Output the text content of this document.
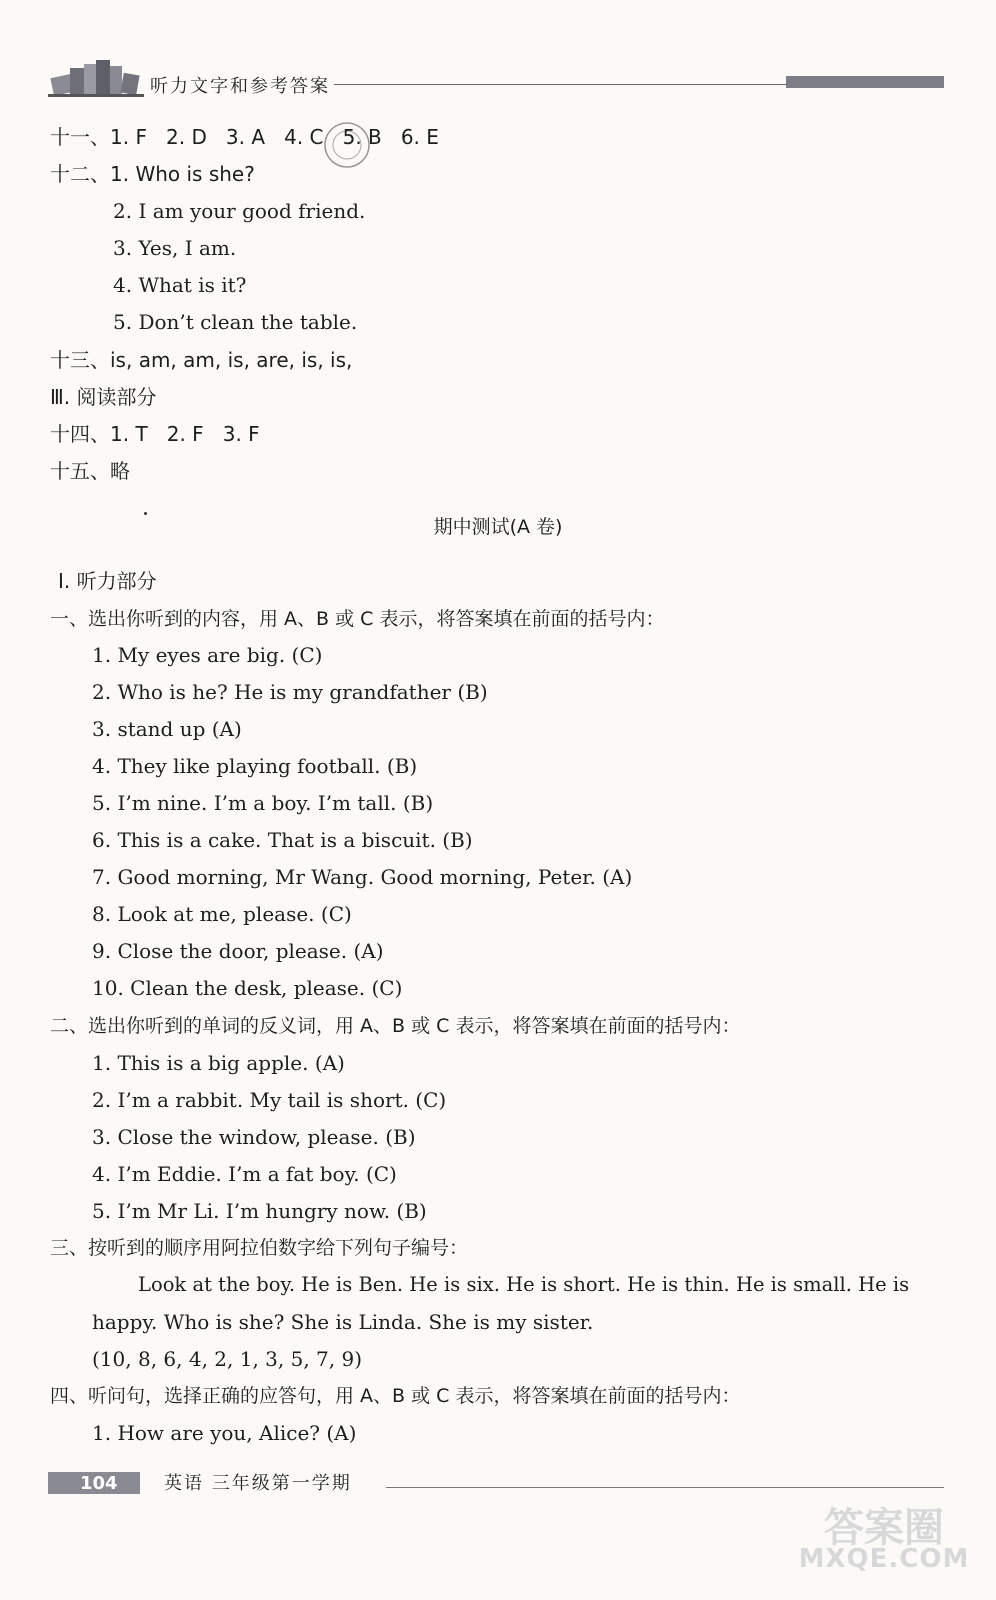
听力文字和参考答案
十一、1. F   2. D   3. A   4. C   5. B   6. E
十二、1. Who is she?
2. I am your good friend.
3. Yes, I am.
4. What is it?
5. Don’t clean the table.
十三、is, am, am, is, are, is, is,
Ⅲ. 阅读部分
十四、1. T   2. F   3. F
十五、略
期中测试(A 卷)
Ⅰ. 听力部分
一、选出你听到的内容，用 A、B 或 C 表示，将答案填在前面的括号内：
1. My eyes are big. (C)
2. Who is he? He is my grandfather (B)
3. stand up (A)
4. They like playing football. (B)
5. I’m nine. I’m a boy. I’m tall. (B)
6. This is a cake. That is a biscuit. (B)
7. Good morning, Mr Wang. Good morning, Peter. (A)
8. Look at me, please. (C)
9. Close the door, please. (A)
10. Clean the desk, please. (C)
二、选出你听到的单词的反义词，用 A、B 或 C 表示，将答案填在前面的括号内：
1. This is a big apple. (A)
2. I’m a rabbit. My tail is short. (C)
3. Close the window, please. (B)
4. I’m Eddie. I’m a fat boy. (C)
5. I’m Mr Li. I’m hungry now. (B)
三、按听到的顺序用阿拉伯数字给下列句子编号：
Look at the boy. He is Ben. He is six. He is short. He is thin. He is small. He is
happy. Who is she? She is Linda. She is my sister.
(10, 8, 6, 4, 2, 1, 3, 5, 7, 9)
四、听问句，选择正确的应答句，用 A、B 或 C 表示，将答案填在前面的括号内：
1. How are you, Alice? (A)
104	英语 三年级第一学期
答案圈
MXQE.COM
